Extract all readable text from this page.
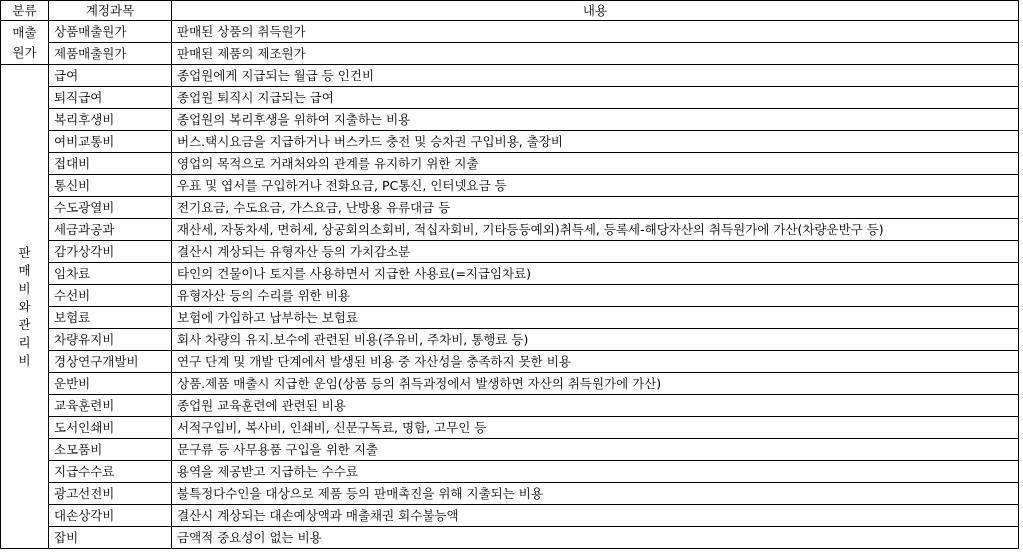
분류	계정과목	내용

매출원가	상품매출원가	판매된 상품의 취득원가
	제품매출원가	판매된 제품의 제조원가

판매비와관리비	급여	종업원에게 지급되는 월급 등 인건비
	퇴직급여	종업원 퇴직시 지급되는 급여
	복리후생비	종업원의 복리후생을 위하여 지출하는 비용
	여비교통비	버스.택시요금을 지급하거나 버스카드 충전 및 승차권 구입비용, 출장비
	접대비	영업의 목적으로 거래처와의 관계를 유지하기 위한 지출
	통신비	우표 및 엽서를 구입하거나 전화요금, PC통신, 인터넷요금 등
	수도광열비	전기요금, 수도요금, 가스요금, 난방용 유류대금 등
	세금과공과	재산세, 자동차세, 면허세, 상공회의소회비, 적십자회비, 기타등등예외)취득세, 등록세-해당자산의 취득원가에 가산(차량운반구 등)
	감가상각비	결산시 계상되는 유형자산 등의 가치감소분
	임차료	타인의 건물이나 토지를 사용하면서 지급한 사용료(=지급임차료)
	수선비	유형자산 등의 수리를 위한 비용
	보험료	보험에 가입하고 납부하는 보험료
	차량유지비	회사 차량의 유지.보수에 관련된 비용(주유비, 주차비, 통행료 등)
	경상연구개발비	연구 단계 및 개발 단계에서 발생된 비용 중 자산성을 충족하지 못한 비용
	운반비	상품.제품 매출시 지급한 운임(상품 등의 취득과정에서 발생하면 자산의 취득원가에 가산)
	교육훈련비	종업원 교육훈련에 관련된 비용
	도서인쇄비	서적구입비, 복사비, 인쇄비, 신문구독료, 명함, 고무인 등
	소모품비	문구류 등 사무용품 구입을 위한 지출
	지급수수료	용역을 제공받고 지급하는 수수료
	광고선전비	불특정다수인을 대상으로 제품 등의 판매촉진을 위해 지출되는 비용
	대손상각비	결산시 계상되는 대손예상액과 매출채권 회수불능액
	잡비	금액적 중요성이 없는 비용
